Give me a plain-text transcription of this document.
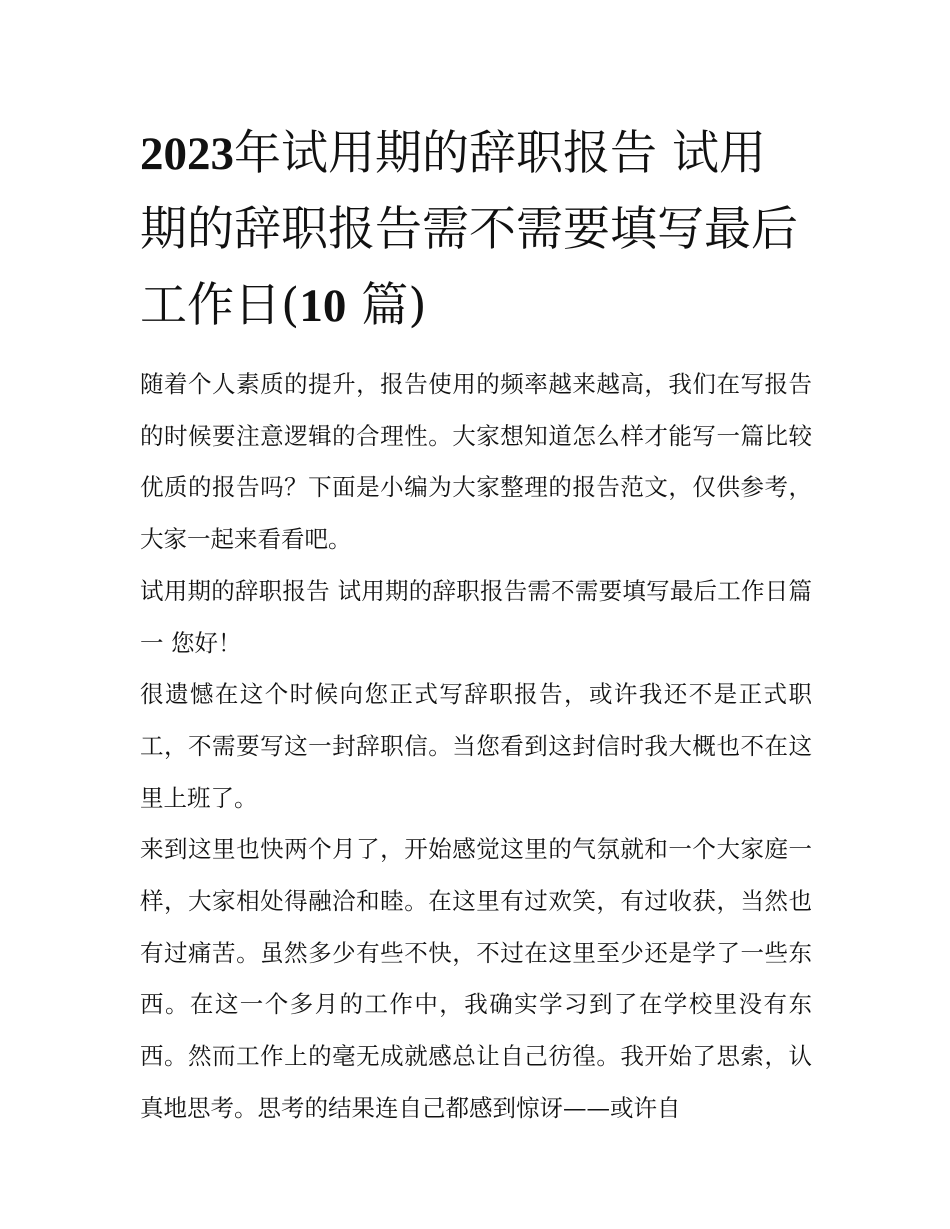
2023年试用期的辞职报告 试用期的辞职报告需不需要填写最后工作日(10 篇)

随着个人素质的提升，报告使用的频率越来越高，我们在写报告的时候要注意逻辑的合理性。大家想知道怎么样才能写一篇比较优质的报告吗？下面是小编为大家整理的报告范文，仅供参考，大家一起来看看吧。

试用期的辞职报告 试用期的辞职报告需不需要填写最后工作日篇一 您好！

很遗憾在这个时候向您正式写辞职报告，或许我还不是正式职工，不需要写这一封辞职信。当您看到这封信时我大概也不在这里上班了。

来到这里也快两个月了，开始感觉这里的气氛就和一个大家庭一样，大家相处得融洽和睦。在这里有过欢笑，有过收获，当然也有过痛苦。虽然多少有些不快，不过在这里至少还是学了一些东西。在这一个多月的工作中，我确实学习到了在学校里没有东西。然而工作上的毫无成就感总让自己彷徨。我开始了思索，认真地思考。思考的结果连自己都感到惊讶——或许自
